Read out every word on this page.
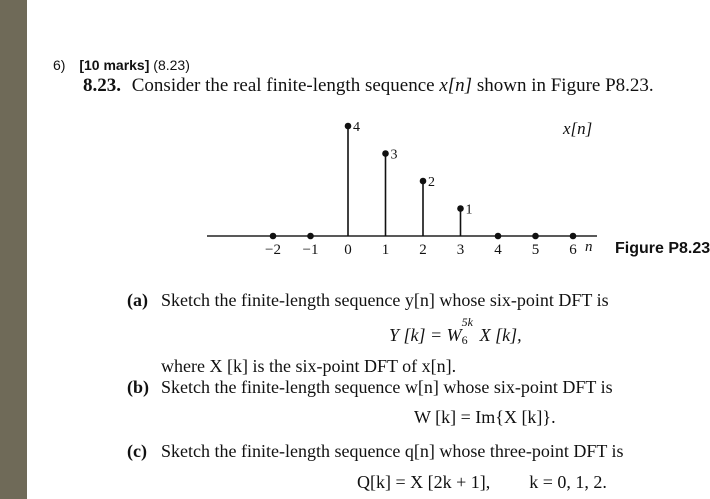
6) [10 marks] (8.23)
8.23. Consider the real finite-length sequence x[n] shown in Figure P8.23.
−2 −1 0 1 2 3 4 5 6
4
3
2
1
x[n]
n Figure P8.23
(a) Sketch the finite-length sequence y[n] whose six-point DFT is
Y [k] = W
5k
6 X [k],
where X [k] is the six-point DFT of x[n].
(b) Sketch the finite-length sequence w[n] whose six-point DFT is
W [k] = Im{X [k]}.
(c) Sketch the finite-length sequence q[n] whose three-point DFT is
Q[k] = X [2k + 1], k = 0, 1, 2.
